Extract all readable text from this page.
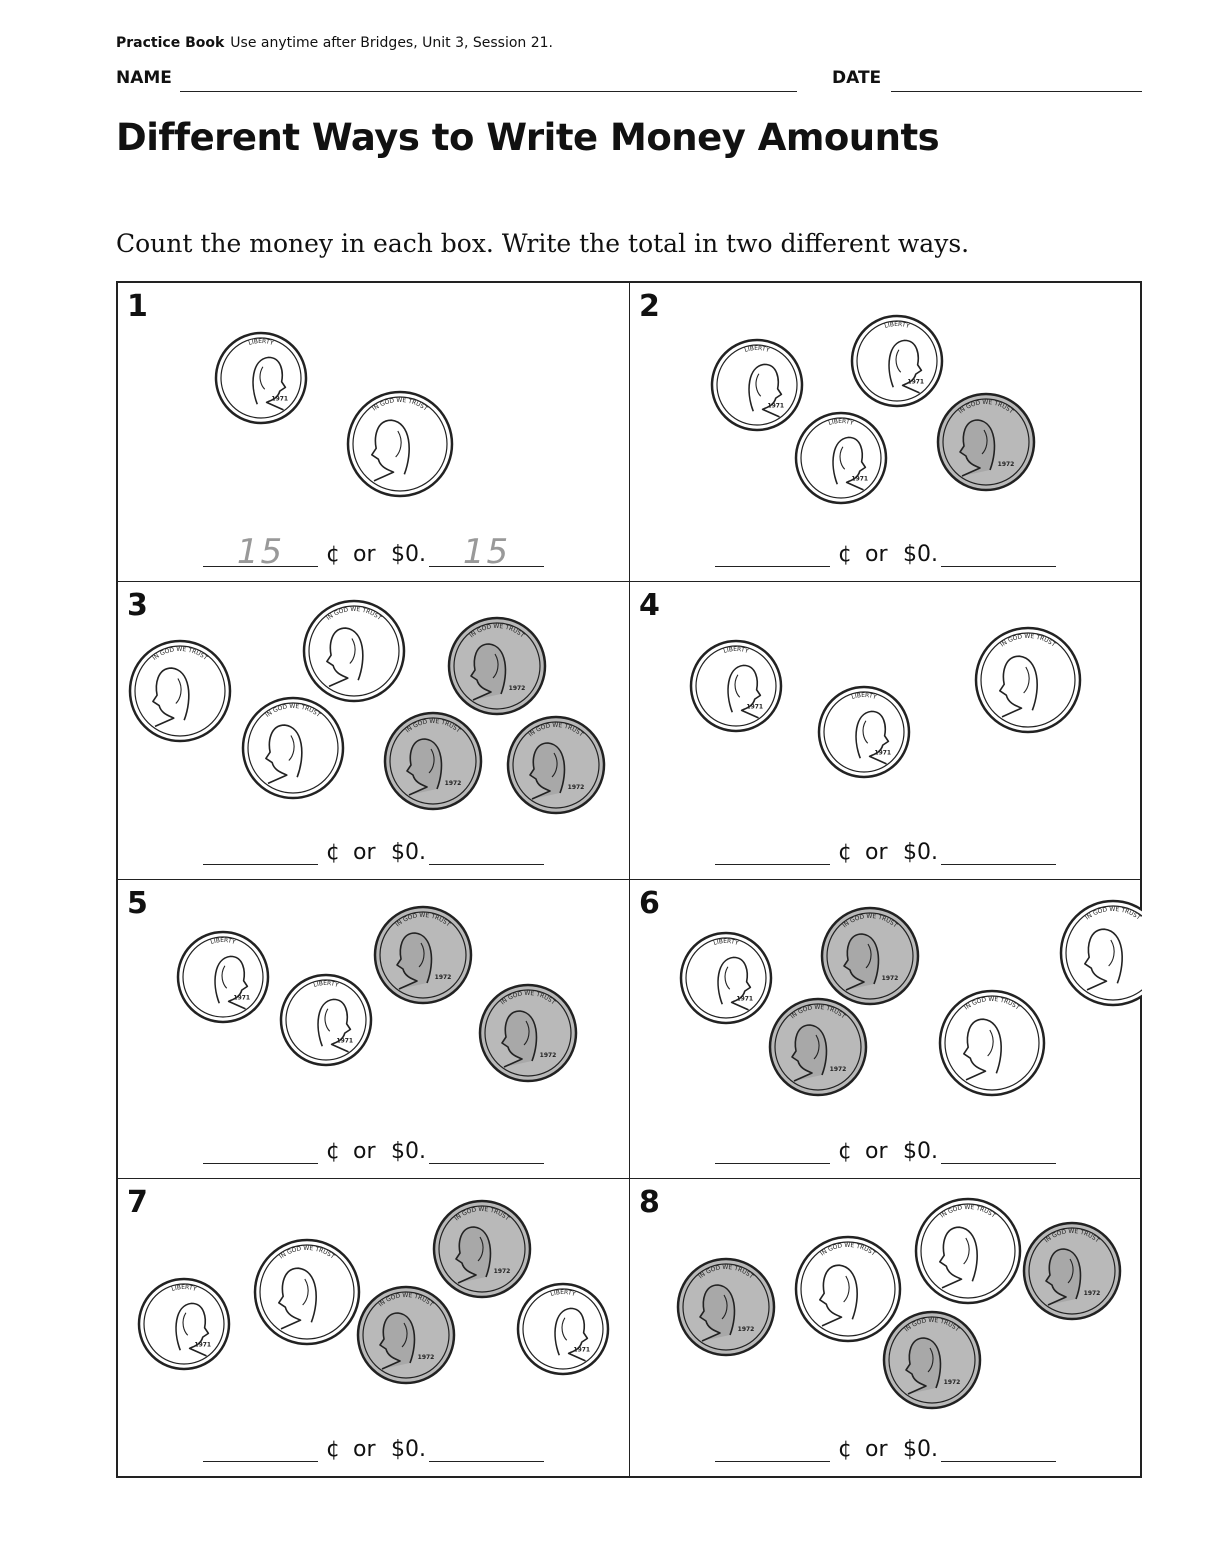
Practice Book Use anytime after Bridges, Unit 3, Session 21.
NAME	DATE
Different Ways to Write Money Amounts
Count the money in each box. Write the total in two different ways.
1
LIBERTY
1971
IN GOD WE TRUST
15	¢ or $0.	15
2
LIBERTY
1971
LIBERTY
1971
LIBERTY
1971
IN GOD WE TRUST
1972
¢ or $0.
3
IN GOD WE TRUST
IN GOD WE TRUST
IN GOD WE TRUST
IN GOD WE TRUST
1972
IN GOD WE TRUST
1972
IN GOD WE TRUST
1972
¢ or $0.
4
LIBERTY
1971
LIBERTY
1971
IN GOD WE TRUST
¢ or $0.
5
LIBERTY
1971
LIBERTY
1971
IN GOD WE TRUST
1972
IN GOD WE TRUST
1972
¢ or $0.
6
LIBERTY
1971
IN GOD WE TRUST
1972
IN GOD WE TRUST
1972
IN GOD WE TRUST
IN GOD WE TRUST
¢ or $0.
7
LIBERTY
1971
IN GOD WE TRUST
IN GOD WE TRUST
1972
IN GOD WE TRUST
1972
LIBERTY
1971
¢ or $0.
8
IN GOD WE TRUST
1972
IN GOD WE TRUST
IN GOD WE TRUST
IN GOD WE TRUST
1972
IN GOD WE TRUST
1972
¢ or $0.
